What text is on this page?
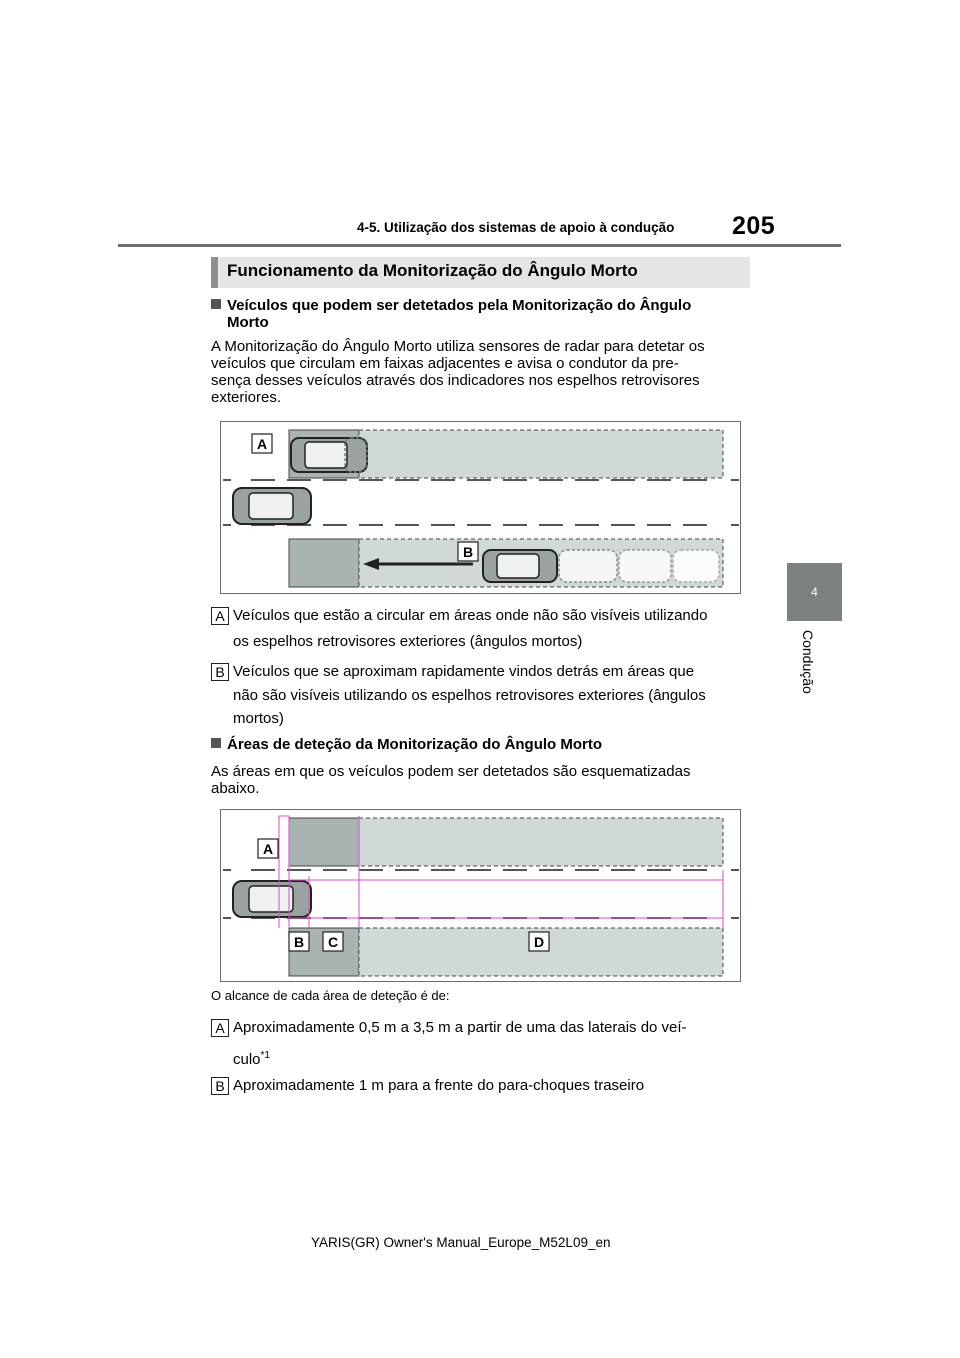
4-5. Utilização dos sistemas de apoio à condução 205
4
Condução
Funcionamento da Monitorização do Ângulo Morto
Veículos que podem ser detetados pela Monitorização do Ângulo
Morto
A Monitorização do Ângulo Morto utiliza sensores de radar para detetar os
veículos que circulam em faixas adjacentes e avisa o condutor da pre-
sença desses veículos através dos indicadores nos espelhos retrovisores
exteriores.
A
B
A Veículos que estão a circular em áreas onde não são visíveis utilizando
os espelhos retrovisores exteriores (ângulos mortos)
B Veículos que se aproximam rapidamente vindos detrás em áreas que
não são visíveis utilizando os espelhos retrovisores exteriores (ângulos
mortos)
Áreas de deteção da Monitorização do Ângulo Morto
As áreas em que os veículos podem ser detetados são esquematizadas
abaixo.
A
B C	D
O alcance de cada área de deteção é de:
A Aproximadamente 0,5 m a 3,5 m a partir de uma das laterais do veí-
culo$^{*1}$
B Aproximadamente 1 m para a frente do para-choques traseiro
YARIS(GR) Owner's Manual_Europe_M52L09_en
